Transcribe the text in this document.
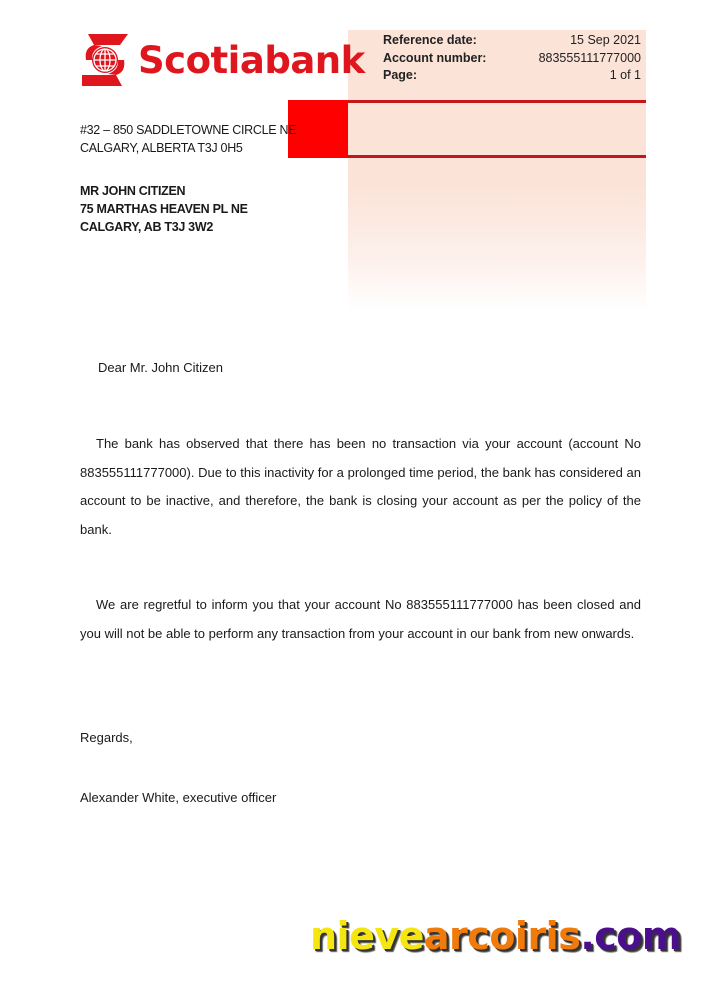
Scotiabank Reference date:	15 Sep 2021
Account number:	883555111777000
Page:	1 of 1
#32 – 850 SADDLETOWNE CIRCLE NE
CALGARY, ALBERTA T3J 0H5
MR JOHN CITIZEN
75 MARTHAS HEAVEN PL NE
CALGARY, AB T3J 3W2
Dear Mr. John Citizen
The bank has observed that there has been no transaction via your account (account No 883555111777000). Due to this inactivity for a prolonged time period, the bank has considered an account to be inactive, and therefore, the bank is closing your account as per the policy of the bank.
We are regretful to inform you that your account No 883555111777000 has been closed and you will not be able to perform any transaction from your account in our bank from new onwards.
Regards,
Alexander White, executive officer
nievearcoiris.com
